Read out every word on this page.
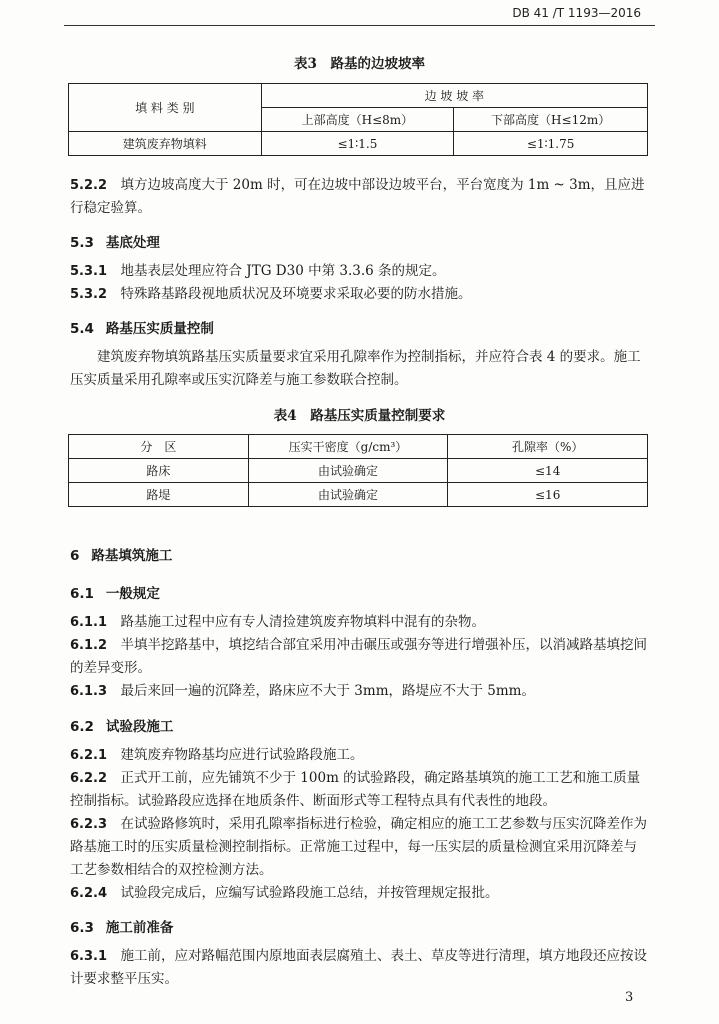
DB 41 /T 1193—2016
表3　路基的边坡坡率
填 料 类 别	边 坡 坡 率	
	上部高度（H≤8m）	下部高度（H≤12m）
建筑废弃物填料	≤1∶1.5	≤1∶1.75
5.2.2　 填方边坡高度大于 20m 时，可在边坡中部设边坡平台，平台宽度为 1m ~ 3m，且应进行稳定验算。
5.3 基底处理
5.3.1　 地基表层处理应符合 JTG D30 中第 3.3.6 条的规定。
5.3.2　 特殊路基路段视地质状况及环境要求采取必要的防水措施。
5.4 路基压实质量控制
建筑废弃物填筑路基压实质量要求宜采用孔隙率作为控制指标，并应符合表 4 的要求。施工压实质量采用孔隙率或压实沉降差与施工参数联合控制。
表4　路基压实质量控制要求
分　区	压实干密度（g/cm³）	孔隙率（%）
路床	由试验确定	≤14
路堤	由试验确定	≤16
6 路基填筑施工
6.1 一般规定
6.1.1　 路基施工过程中应有专人清捡建筑废弃物填料中混有的杂物。
6.1.2　 半填半挖路基中，填挖结合部宜采用冲击碾压或强夯等进行增强补压，以消减路基填挖间的差异变形。
6.1.3　 最后来回一遍的沉降差，路床应不大于 3mm，路堤应不大于 5mm。
6.2 试验段施工
6.2.1　 建筑废弃物路基均应进行试验路段施工。
6.2.2　 正式开工前，应先铺筑不少于 100m 的试验路段，确定路基填筑的施工工艺和施工质量控制指标。试验路段应选择在地质条件、断面形式等工程特点具有代表性的地段。
6.2.3　 在试验路修筑时，采用孔隙率指标进行检验，确定相应的施工工艺参数与压实沉降差作为路基施工时的压实质量检测控制指标。正常施工过程中，每一压实层的质量检测宜采用沉降差与工艺参数相结合的双控检测方法。
6.2.4　 试验段完成后，应编写试验路段施工总结，并按管理规定报批。
6.3 施工前准备
6.3.1　 施工前，应对路幅范围内原地面表层腐殖土、表土、草皮等进行清理，填方地段还应按设计要求整平压实。
3
